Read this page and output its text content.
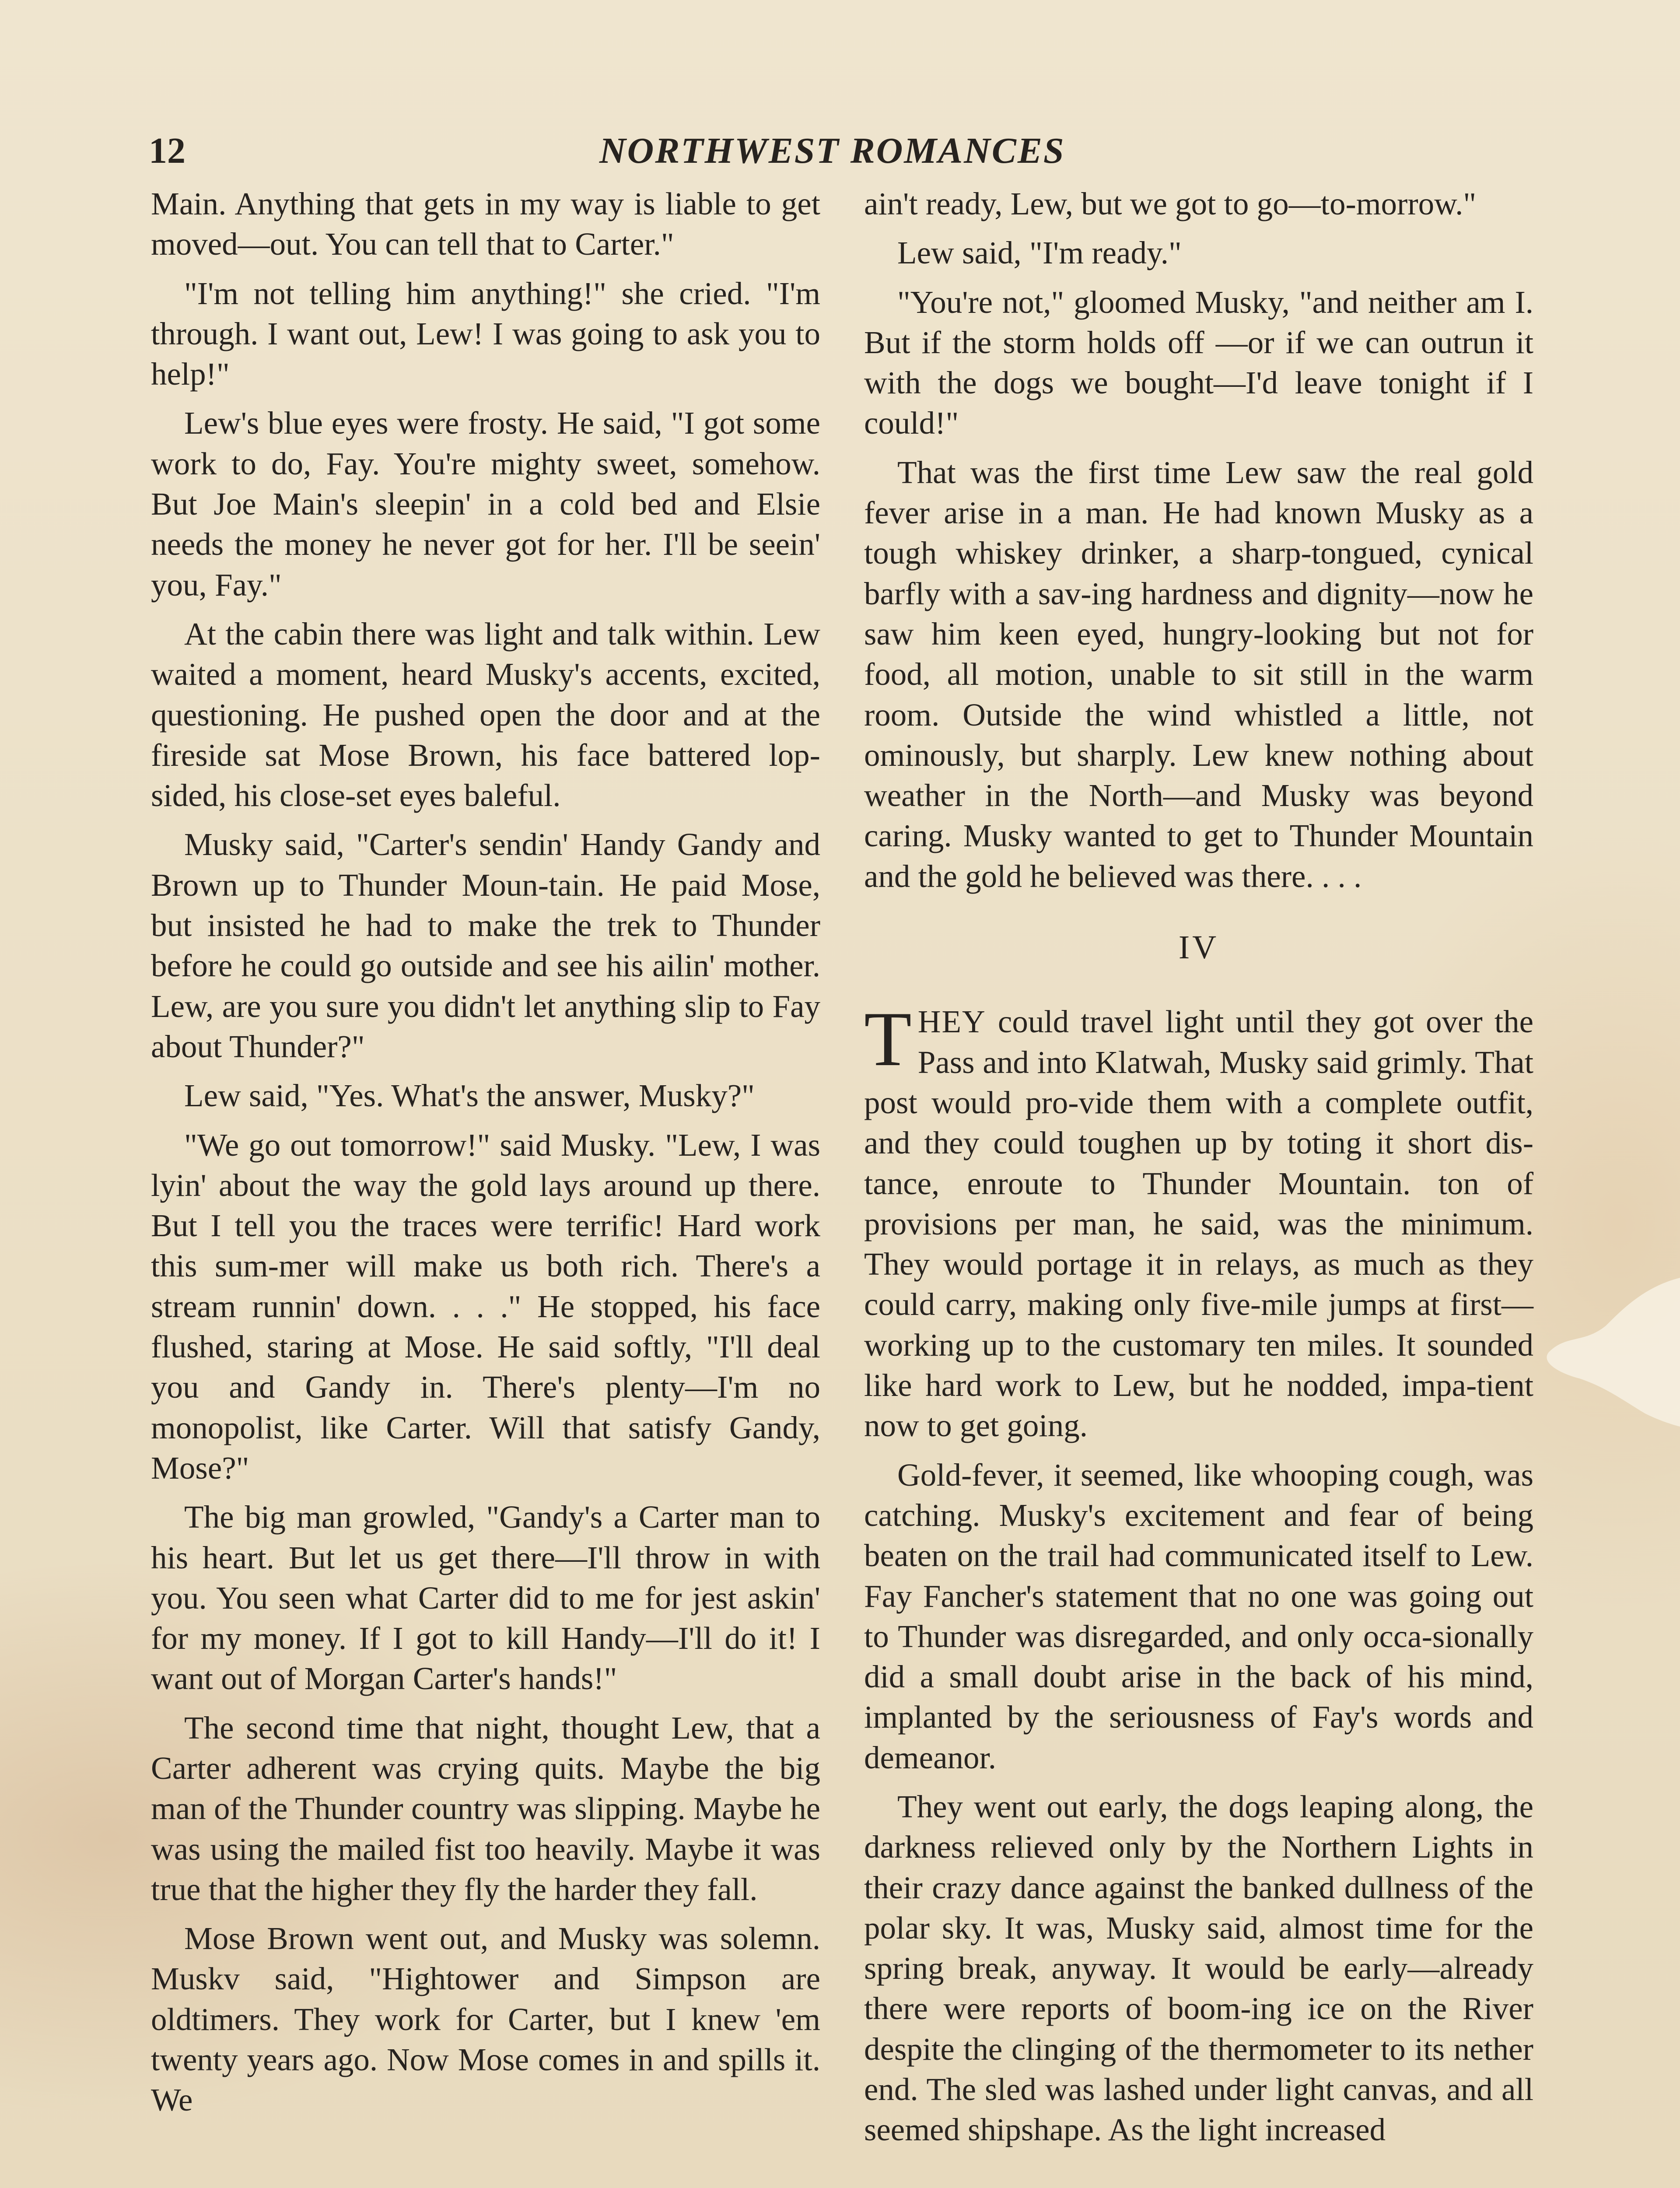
12	NORTHWEST ROMANCES

Main. Anything that gets in my way is liable to get moved—out. You can tell that to Carter."

"I'm not telling him anything!" she cried. "I'm through. I want out, Lew! I was going to ask you to help!"

Lew's blue eyes were frosty. He said, "I got some work to do, Fay. You're mighty sweet, somehow. But Joe Main's sleepin' in a cold bed and Elsie needs the money he never got for her. I'll be seein' you, Fay."

At the cabin there was light and talk within. Lew waited a moment, heard Musky's accents, excited, questioning. He pushed open the door and at the fireside sat Mose Brown, his face battered lop-sided, his close-set eyes baleful.

Musky said, "Carter's sendin' Handy Gandy and Brown up to Thunder Moun-tain. He paid Mose, but insisted he had to make the trek to Thunder before he could go outside and see his ailin' mother. Lew, are you sure you didn't let anything slip to Fay about Thunder?"

Lew said, "Yes. What's the answer, Musky?"

"We go out tomorrow!" said Musky. "Lew, I was lyin' about the way the gold lays around up there. But I tell you the traces were terrific! Hard work this sum-mer will make us both rich. There's a stream runnin' down. . . ." He stopped, his face flushed, staring at Mose. He said softly, "I'll deal you and Gandy in. There's plenty—I'm no monopolist, like Carter. Will that satisfy Gandy, Mose?"

The big man growled, "Gandy's a Carter man to his heart. But let us get there—I'll throw in with you. You seen what Carter did to me for jest askin' for my money. If I got to kill Handy—I'll do it! I want out of Morgan Carter's hands!"

The second time that night, thought Lew, that a Carter adherent was crying quits. Maybe the big man of the Thunder country was slipping. Maybe he was using the mailed fist too heavily. Maybe it was true that the higher they fly the harder they fall.

Mose Brown went out, and Musky was solemn. Muskv said, "Hightower and Simpson are oldtimers. They work for Carter, but I knew 'em twenty years ago. Now Mose comes in and spills it. We

ain't ready, Lew, but we got to go—to-morrow."

Lew said, "I'm ready."

"You're not," gloomed Musky, "and neither am I. But if the storm holds off —or if we can outrun it with the dogs we bought—I'd leave tonight if I could!"

That was the first time Lew saw the real gold fever arise in a man. He had known Musky as a tough whiskey drinker, a sharp-tongued, cynical barfly with a sav-ing hardness and dignity—now he saw him keen eyed, hungry-looking but not for food, all motion, unable to sit still in the warm room. Outside the wind whistled a little, not ominously, but sharply. Lew knew nothing about weather in the North—and Musky was beyond caring. Musky wanted to get to Thunder Mountain and the gold he believed was there. . . .

IV

THEY could travel light until they got over the Pass and into Klatwah, Musky said grimly. That post would pro-vide them with a complete outfit, and they could toughen up by toting it short dis-tance, enroute to Thunder Mountain. ton of provisions per man, he said, was the minimum. They would portage it in relays, as much as they could carry, making only five-mile jumps at first—working up to the customary ten miles. It sounded like hard work to Lew, but he nodded, impa-tient now to get going.

Gold-fever, it seemed, like whooping cough, was catching. Musky's excitement and fear of being beaten on the trail had communicated itself to Lew. Fay Fancher's statement that no one was going out to Thunder was disregarded, and only occa-sionally did a small doubt arise in the back of his mind, implanted by the seriousness of Fay's words and demeanor.

They went out early, the dogs leaping along, the darkness relieved only by the Northern Lights in their crazy dance against the banked dullness of the polar sky. It was, Musky said, almost time for the spring break, anyway. It would be early—already there were reports of boom-ing ice on the River despite the clinging of the thermometer to its nether end. The sled was lashed under light canvas, and all seemed shipshape. As the light increased
